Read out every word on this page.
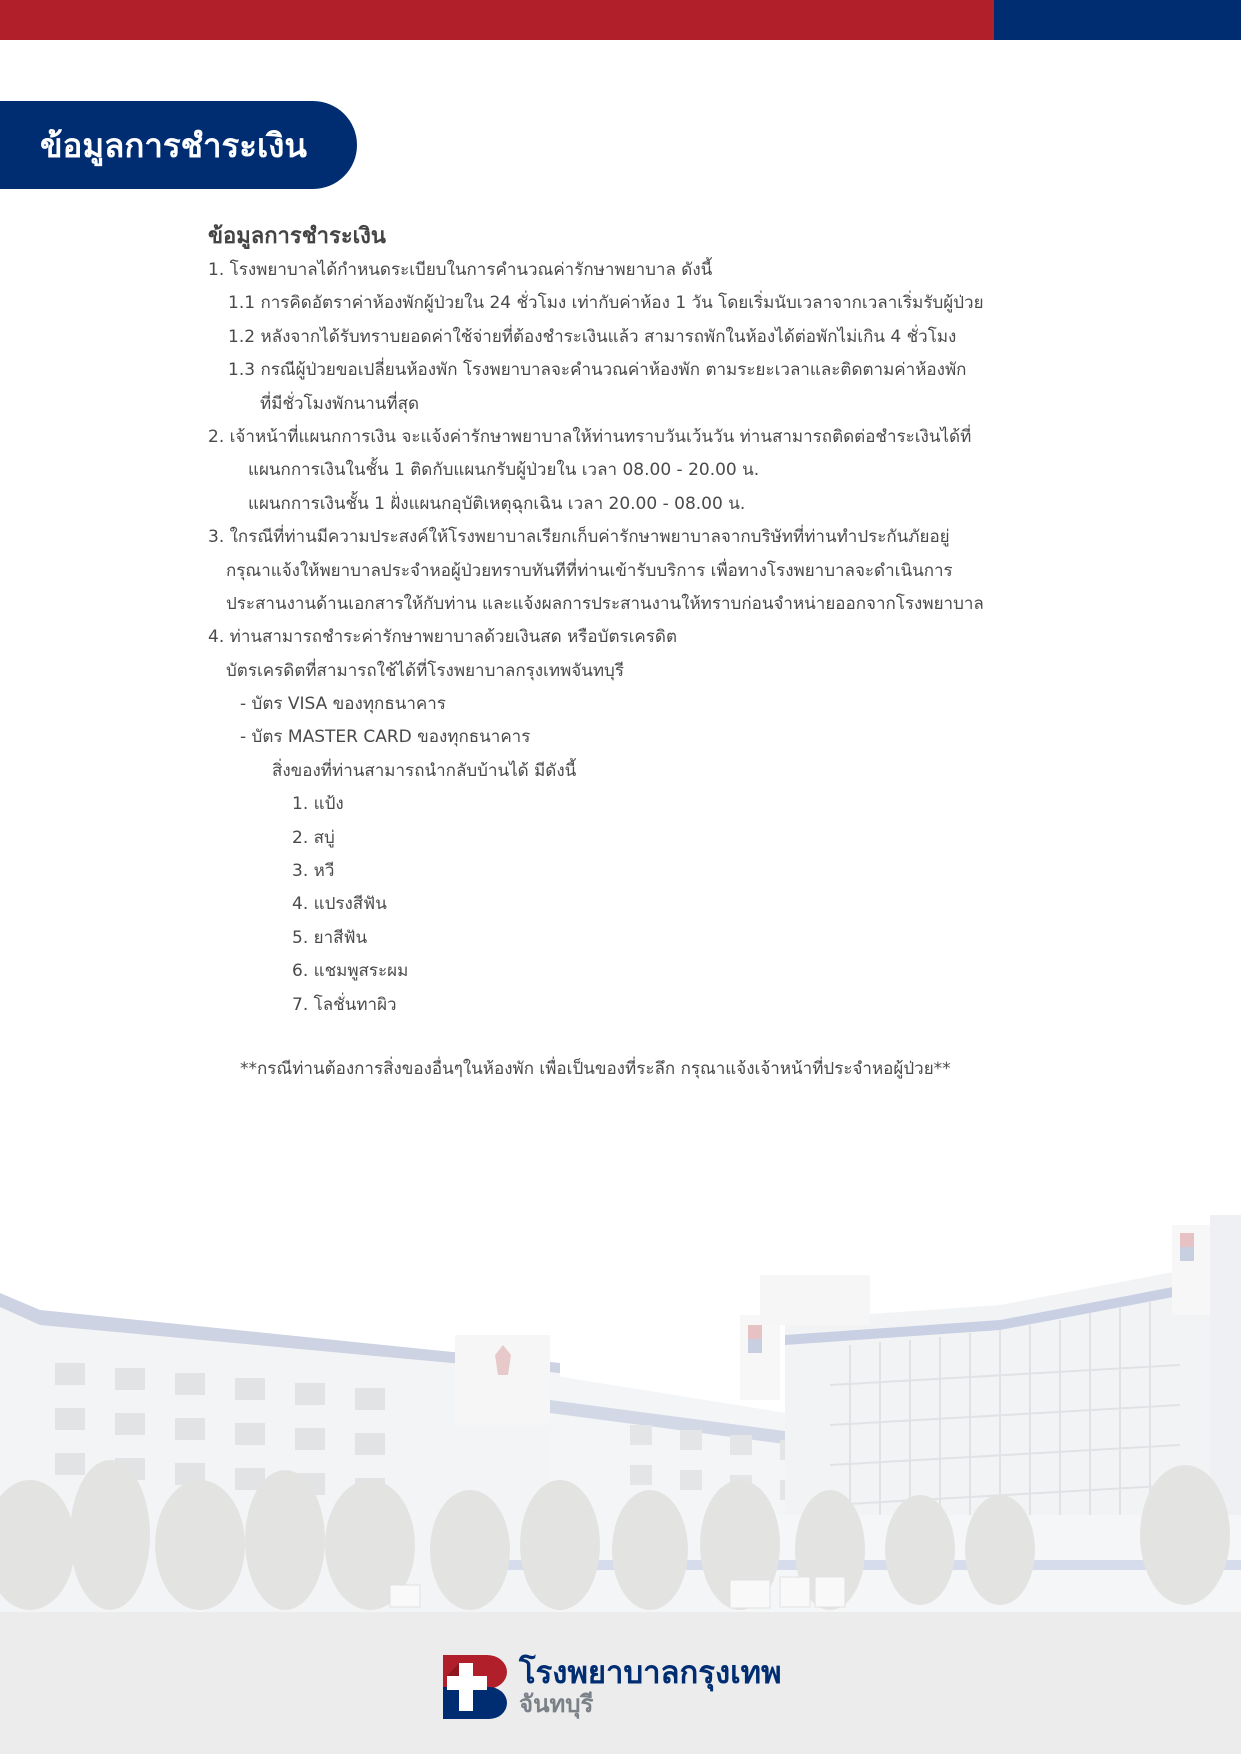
ข้อมูลการชำระเงิน
ข้อมูลการชำระเงิน
1. โรงพยาบาลได้กำหนดระเบียบในการคำนวณค่ารักษาพยาบาล ดังนี้
1.1 การคิดอัตราค่าห้องพักผู้ป่วยใน 24 ชั่วโมง เท่ากับค่าห้อง 1 วัน โดยเริ่มนับเวลาจากเวลาเริ่มรับผู้ป่วย
1.2 หลังจากได้รับทราบยอดค่าใช้จ่ายที่ต้องชำระเงินแล้ว สามารถพักในห้องได้ต่อพักไม่เกิน 4 ชั่วโมง
1.3 กรณีผู้ป่วยขอเปลี่ยนห้องพัก โรงพยาบาลจะคำนวณค่าห้องพัก ตามระยะเวลาและติดตามค่าห้องพัก
ที่มีชั่วโมงพักนานที่สุด
2. เจ้าหน้าที่แผนกการเงิน จะแจ้งค่ารักษาพยาบาลให้ท่านทราบวันเว้นวัน ท่านสามารถติดต่อชำระเงินได้ที่
แผนกการเงินในชั้น 1 ติดกับแผนกรับผู้ป่วยใน เวลา 08.00 - 20.00 น.
แผนกการเงินชั้น 1 ฝั่งแผนกอุบัติเหตุฉุกเฉิน เวลา 20.00 - 08.00 น.
3. ใกรณีที่ท่านมีความประสงค์ให้โรงพยาบาลเรียกเก็บค่ารักษาพยาบาลจากบริษัทที่ท่านทำประกันภัยอยู่
กรุณาแจ้งให้พยาบาลประจำหอผู้ป่วยทราบทันทีที่ท่านเข้ารับบริการ เพื่อทางโรงพยาบาลจะดำเนินการ
ประสานงานด้านเอกสารให้กับท่าน และแจ้งผลการประสานงานให้ทราบก่อนจำหน่ายออกจากโรงพยาบาล
4. ท่านสามารถชำระค่ารักษาพยาบาลด้วยเงินสด หรือบัตรเครดิต
บัตรเครดิตที่สามารถใช้ได้ที่โรงพยาบาลกรุงเทพจันทบุรี
- บัตร VISA ของทุกธนาคาร
- บัตร MASTER CARD ของทุกธนาคาร
สิ่งของที่ท่านสามารถนำกลับบ้านได้ มีดังนี้
1. แป้ง
2. สบู่
3. หวี
4. แปรงสีฟัน
5. ยาสีฟัน
6. แชมพูสระผม
7. โลชั่นทาผิว
**กรณีท่านต้องการสิ่งของอื่นๆในห้องพัก เพื่อเป็นของที่ระลึก กรุณาแจ้งเจ้าหน้าที่ประจำหอผู้ป่วย**
โรงพยาบาลกรุงเทพ
จันทบุรี
